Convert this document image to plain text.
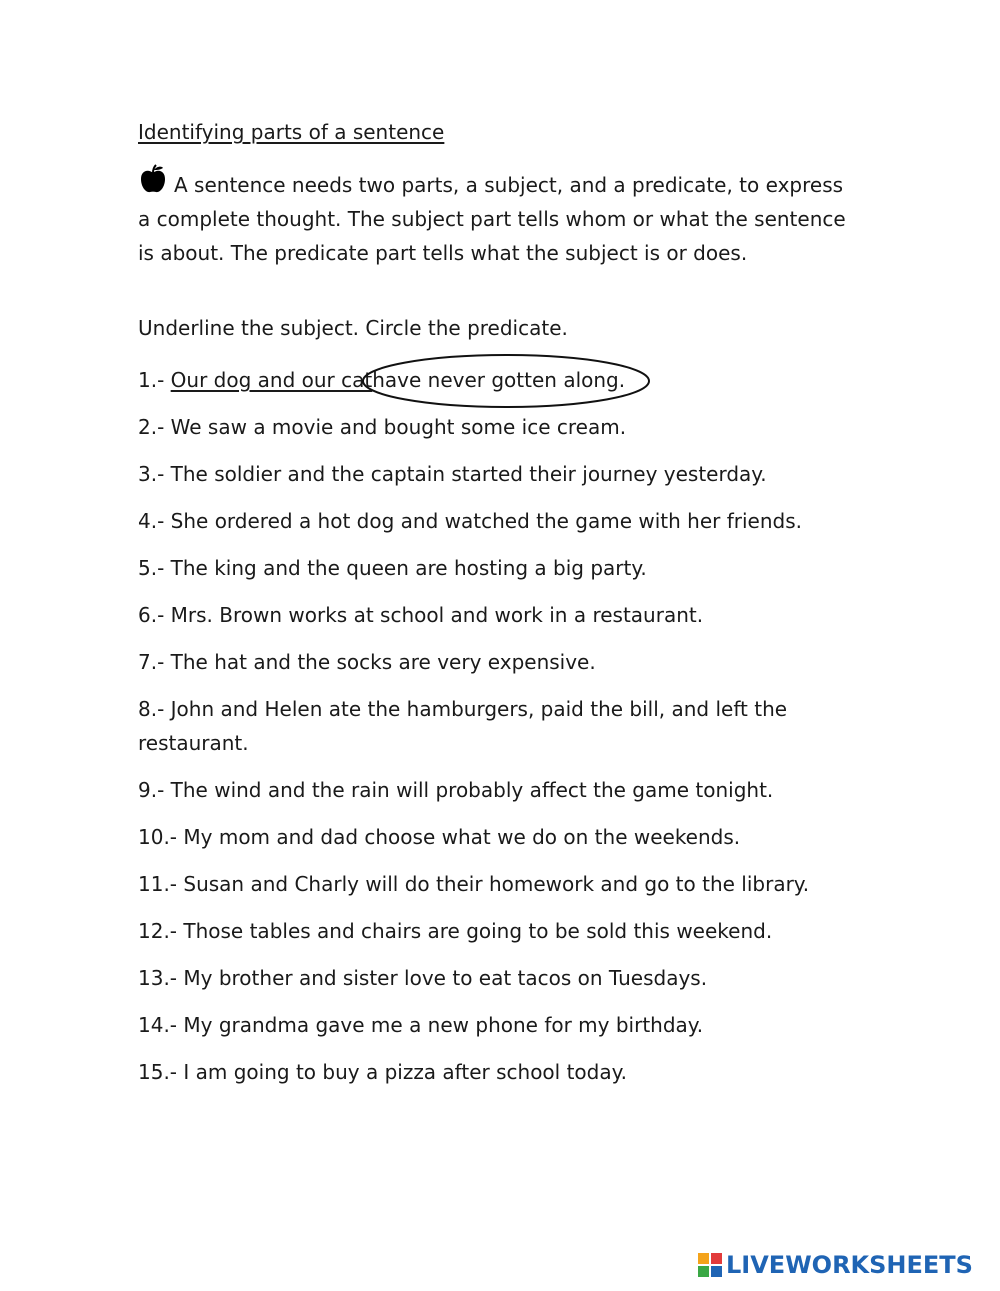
Identifying parts of a sentence
A sentence needs two parts, a subject, and a predicate, to express a complete thought. The subject part tells whom or what the sentence is about. The predicate part tells what the subject is or does.
Underline the subject. Circle the predicate.
1.- Our dog and our cathave never gotten along.
2.- We saw a movie and bought some ice cream.
3.- The soldier and the captain started their journey yesterday.
4.- She ordered a hot dog and watched the game with her friends.
5.- The king and the queen are hosting a big party.
6.- Mrs. Brown works at school and work in a restaurant.
7.- The hat and the socks are very expensive.
8.- John and Helen ate the hamburgers, paid the bill, and left the restaurant.
9.- The wind and the rain will probably affect the game tonight.
10.- My mom and dad choose what we do on the weekends.
11.- Susan and Charly will do their homework and go to the library.
12.- Those tables and chairs are going to be sold this weekend.
13.- My brother and sister love to eat tacos on Tuesdays.
14.- My grandma gave me a new phone for my birthday.
15.- I am going to buy a pizza after school today.
LIVEWORKSHEETS
